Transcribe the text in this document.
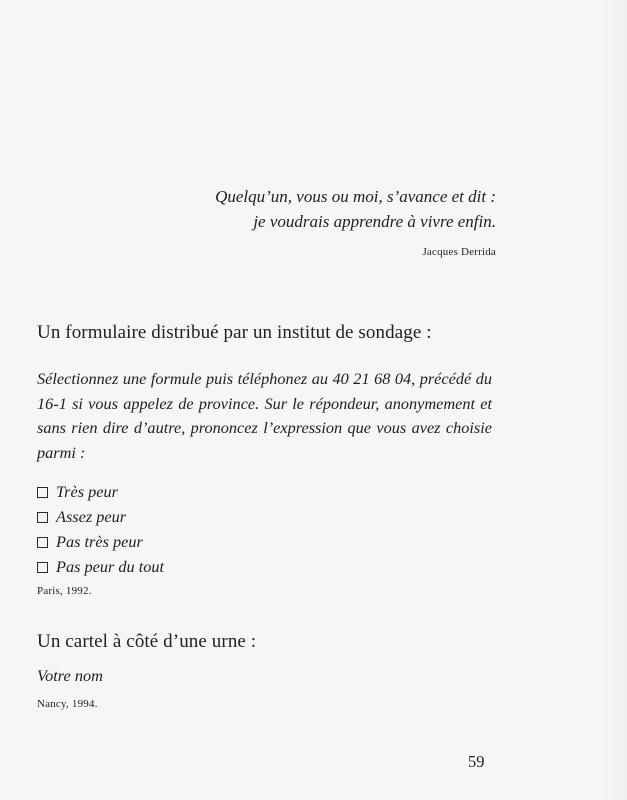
Quelqu’un, vous ou moi, s’avance et dit :
je voudrais apprendre à vivre enfin.
Jacques Derrida
Un formulaire distribué par un institut de sondage :
Sélectionnez une formule puis téléphonez au 40 21 68 04, précédé du 16-1 si vous appelez de province. Sur le répondeur, anonymement et sans rien dire d’autre, prononcez l’expression que vous avez choisie parmi :
Très peur
Assez peur
Pas très peur
Pas peur du tout
Paris, 1992.
Un cartel à côté d’une urne :
Votre nom
Nancy, 1994.
59
